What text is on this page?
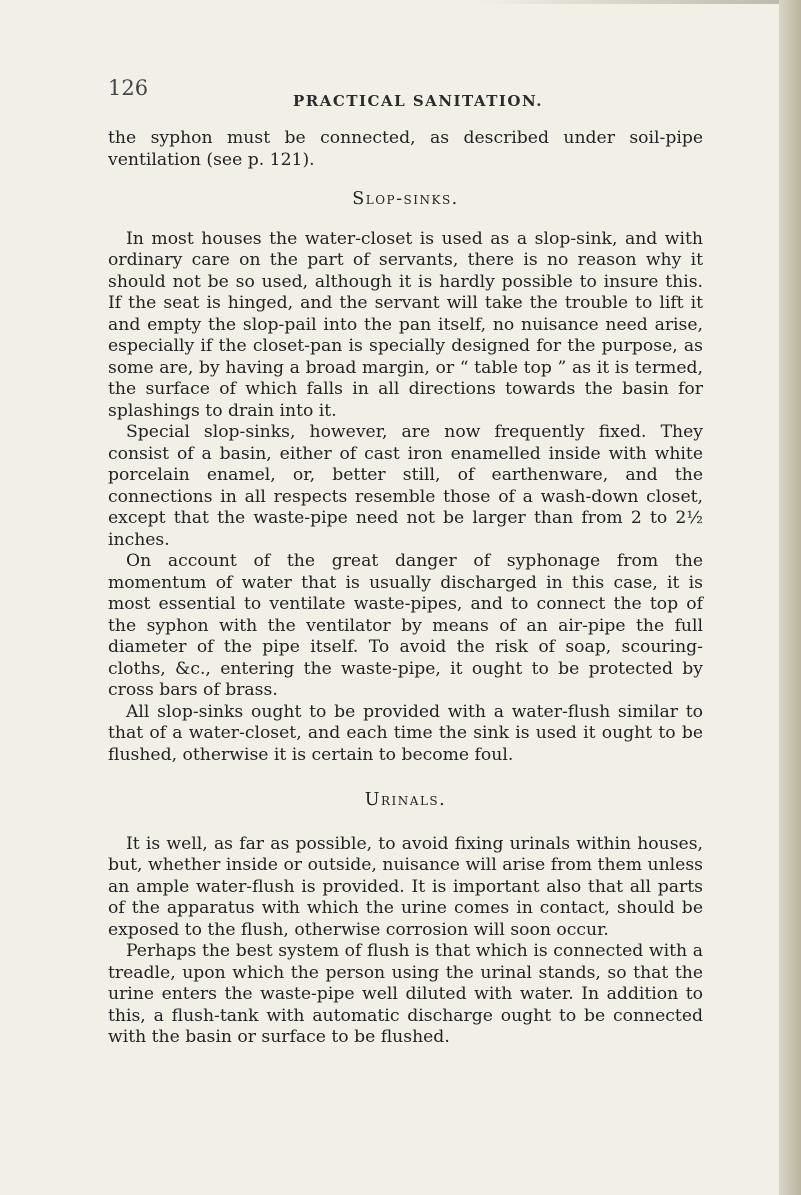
126
PRACTICAL SANITATION.

the syphon must be connected, as described under soil-pipe ventilation (see p. 121).

Slop-sinks.

In most houses the water-closet is used as a slop-sink, and with ordinary care on the part of servants, there is no reason why it should not be so used, although it is hardly possible to insure this. If the seat is hinged, and the servant will take the trouble to lift it and empty the slop-pail into the pan itself, no nuisance need arise, especially if the closet-pan is specially designed for the purpose, as some are, by having a broad margin, or “ table top ” as it is termed, the surface of which falls in all directions towards the basin for splashings to drain into it.

Special slop-sinks, however, are now frequently fixed. They consist of a basin, either of cast iron enamelled inside with white porcelain enamel, or, better still, of earthenware, and the connections in all respects resemble those of a wash-down closet, except that the waste-pipe need not be larger than from 2 to 2½ inches.

On account of the great danger of syphonage from the momentum of water that is usually discharged in this case, it is most essential to ventilate waste-pipes, and to connect the top of the syphon with the ventilator by means of an air-pipe the full diameter of the pipe itself. To avoid the risk of soap, scouring-cloths, &c., entering the waste-pipe, it ought to be protected by cross bars of brass.

All slop-sinks ought to be provided with a water-flush similar to that of a water-closet, and each time the sink is used it ought to be flushed, otherwise it is certain to become foul.

Urinals.

It is well, as far as possible, to avoid fixing urinals within houses, but, whether inside or outside, nuisance will arise from them unless an ample water-flush is provided. It is important also that all parts of the apparatus with which the urine comes in contact, should be exposed to the flush, otherwise corrosion will soon occur.

Perhaps the best system of flush is that which is connected with a treadle, upon which the person using the urinal stands, so that the urine enters the waste-pipe well diluted with water. In addition to this, a flush-tank with automatic discharge ought to be connected with the basin or surface to be flushed.
